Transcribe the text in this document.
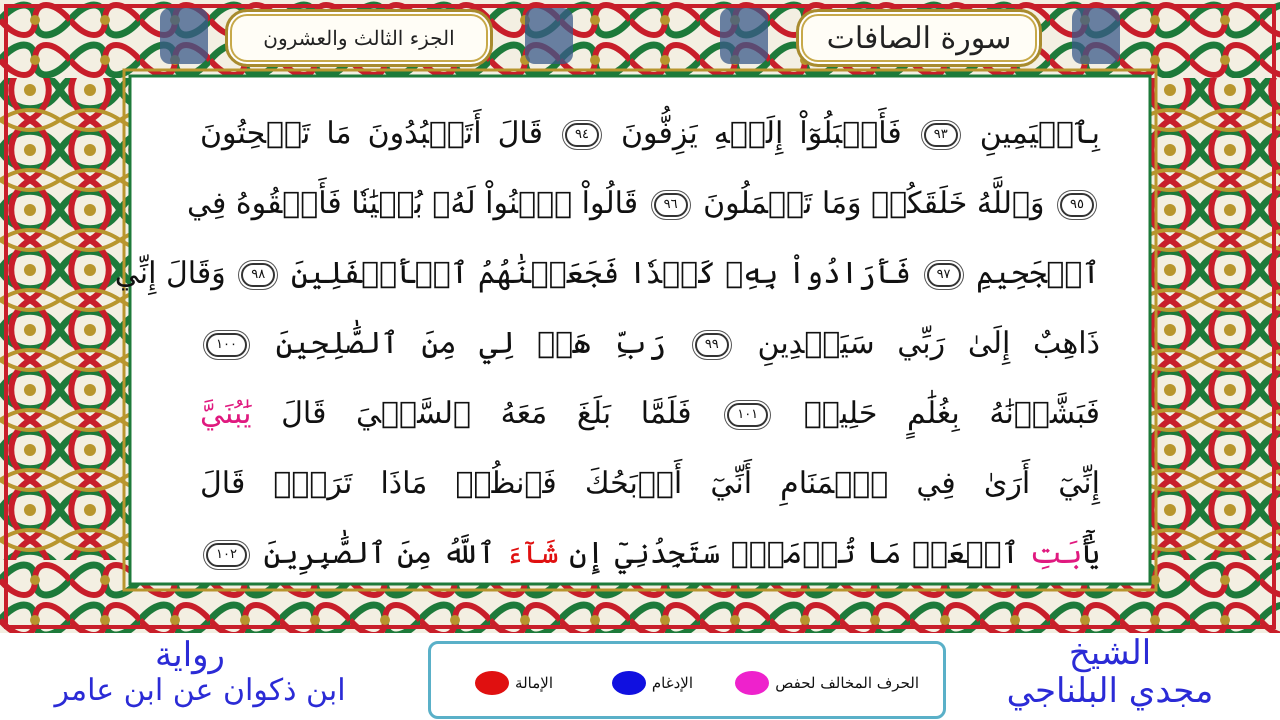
سورة الصافات
الجزء الثالث والعشرون
بِٱلۡيَمِينِ ٩٣ فَأَقۡبَلُوٓاْ إِلَيۡهِ يَزِفُّونَ ٩٤ قَالَ أَتَعۡبُدُونَ مَا تَنۡحِتُونَ
٩٥ وَٱللَّهُ خَلَقَكُمۡ وَمَا تَعۡمَلُونَ ٩٦ قَالُواْ ٱبۡنُواْ لَهُۥ بُنۡيَٰنٗا فَأَلۡقُوهُ فِي
ٱلۡجَحِيمِ ٩٧ فَأَرَادُواْ بِهِۦ كَيۡدٗا فَجَعَلۡنَٰهُمُ ٱلۡأَسۡفَلِينَ ٩٨ وَقَالَ إِنِّي
ذَاهِبٌ إِلَىٰ رَبِّي سَيَهۡدِينِ ٩٩ رَبِّ هَبۡ لِي مِنَ ٱلصَّٰلِحِينَ ١٠٠
فَبَشَّرۡنَٰهُ بِغُلَٰمٍ حَلِيمٖ ١٠١ فَلَمَّا بَلَغَ مَعَهُ ٱلسَّعۡيَ قَالَ يَٰبُنَيَّ
إِنِّيٓ أَرَىٰ فِي ٱلۡمَنَامِ أَنِّيٓ أَذۡبَحُكَ فَٱنظُرۡ مَاذَا تَرَىٰۚ قَالَ
يَٰٓأَبَتِ ٱفۡعَلۡ مَا تُؤۡمَرُۖ سَتَجِدُنِيٓ إِن شَآءَ ٱللَّهُ مِنَ ٱلصَّٰبِرِينَ ١٠٢
رواية
ابن ذكوان عن ابن عامر	الحرف المخالف لحفص
الإدغام
الإمالة
الشيخ
مجدي البلناجي
